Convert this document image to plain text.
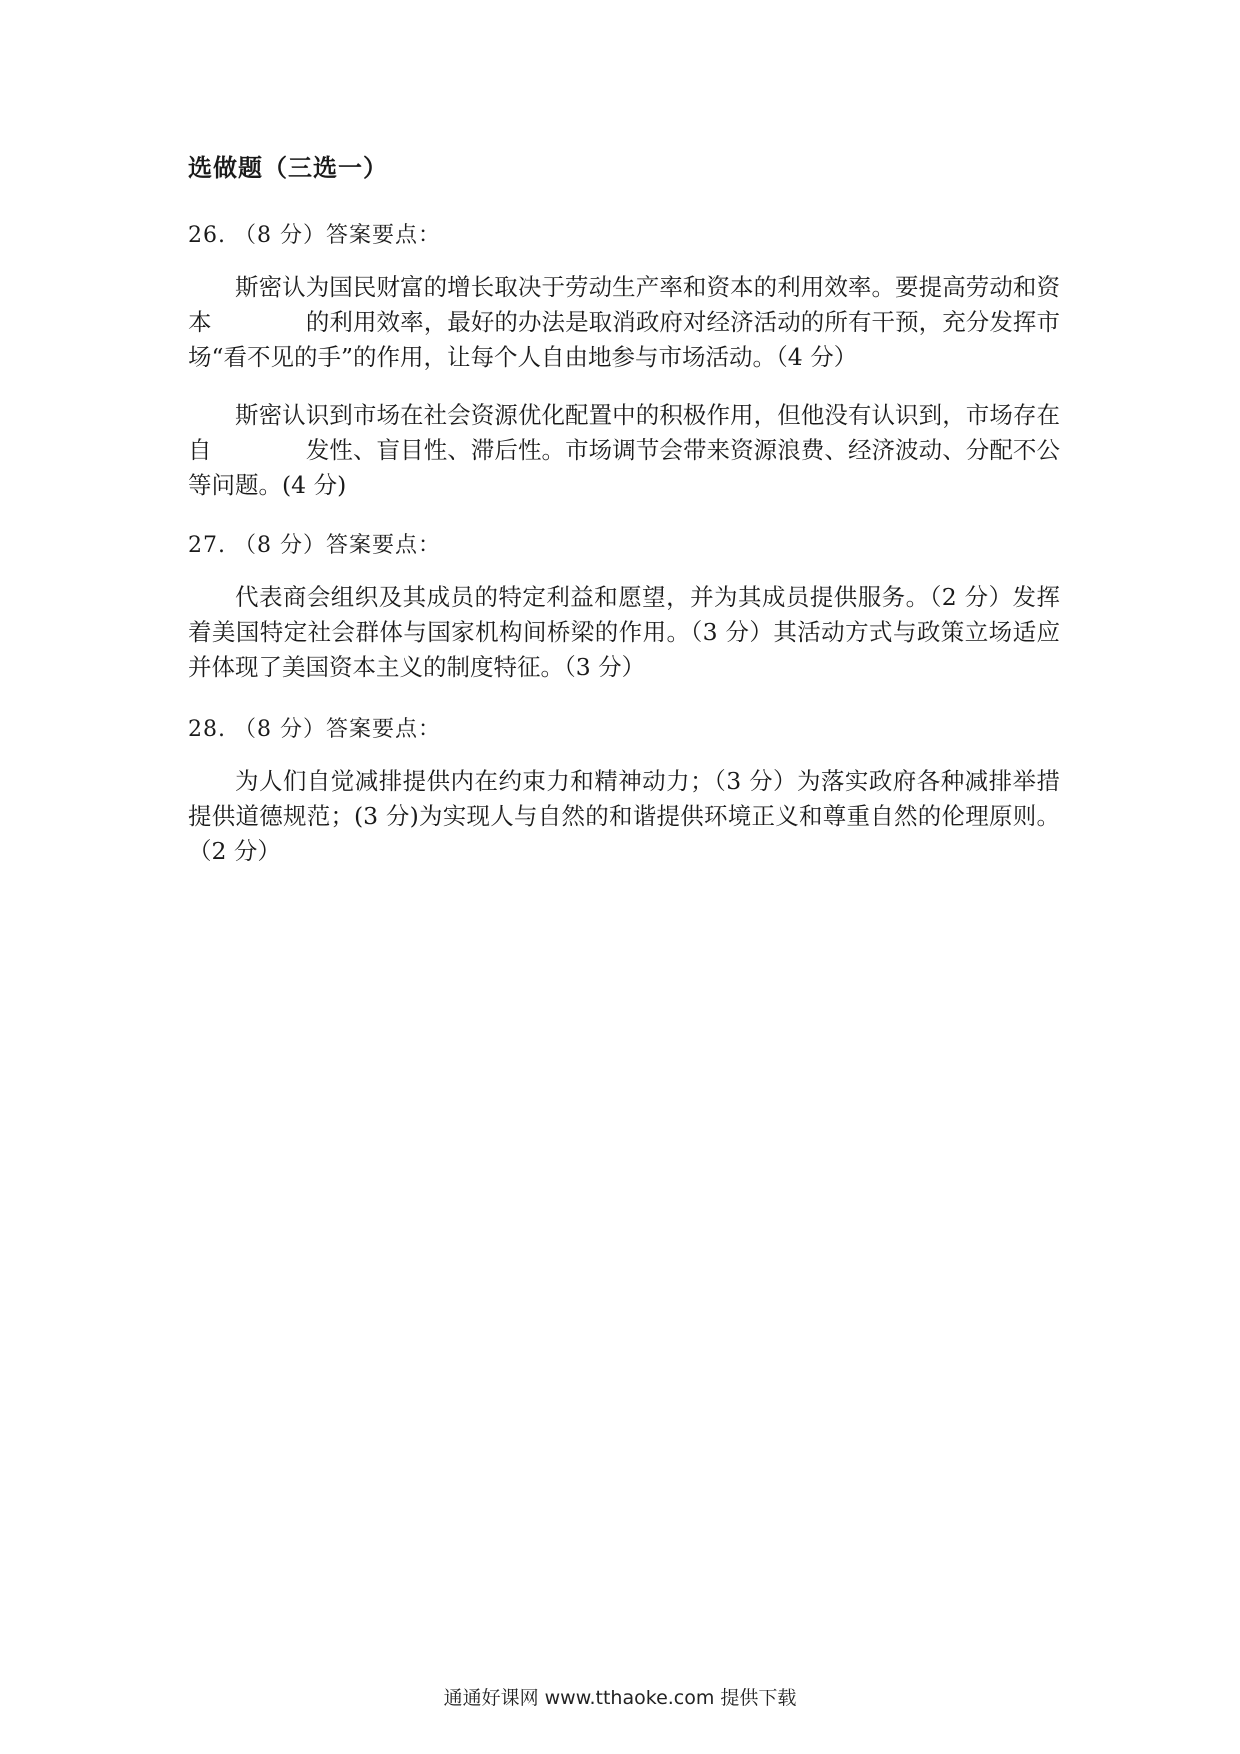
选做题（三选一）
26. （8 分）答案要点：

斯密认为国民财富的增长取决于劳动生产率和资本的利用效率。要提高劳动和资本　　　　的利用效率，最好的办法是取消政府对经济活动的所有干预，充分发挥市场“看不见的手”的作用，让每个人自由地参与市场活动。（4 分）

斯密认识到市场在社会资源优化配置中的积极作用，但他没有认识到，市场存在自　　　　发性、盲目性、滞后性。市场调节会带来资源浪费、经济波动、分配不公等问题。(4 分)

27. （8 分）答案要点：

代表商会组织及其成员的特定利益和愿望，并为其成员提供服务。（2 分）发挥着美国特定社会群体与国家机构间桥梁的作用。（3 分）其活动方式与政策立场适应并体现了美国资本主义的制度特征。（3 分）

28. （8 分）答案要点：

为人们自觉减排提供内在约束力和精神动力；（3 分）为落实政府各种减排举措提供道德规范；(3 分)为实现人与自然的和谐提供环境正义和尊重自然的伦理原则。（2 分）

通通好课网 www.tthaoke.com 提供下载
